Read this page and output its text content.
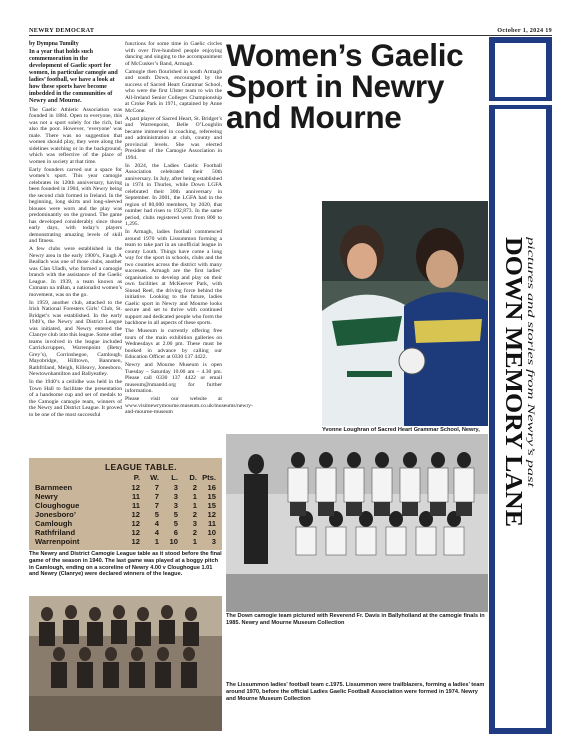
NEWRY DEMOCRAT	October 1, 2024 19

by Dympna Tumilty

In a year that holds such commemoration in the development of Gaelic sport for women, in particular camogie and ladies’ football, we have a look at how these sports have become imbedded in the communities of Newry and Mourne.

The Gaelic Athletic Association was founded in 1884. Open to everyone, this was not a sport solely for the rich, but also the poor. However, ‘everyone’ was male. There was no suggestion that women should play, they were along the sidelines watching or in the background, which was reflective of the place of women in society at that time.

Early founders carved out a space for women’s sport. This year camogie celebrates its 120th anniversary, having been founded in 1904, with Newry being the second club formed in Ireland. In the beginning, long skirts and long-sleeved blouses were worn and the play was predominantly on the ground. The game has developed considerably since those early days, with today’s players demonstrating amazing levels of skill and fitness.

A few clubs were established in the Newry area in the early 1900’s, Faugh A Beallach was one of those clubs, another was Clan Uladh, who formed a camogie branch with the assistance of the Gaelic League. In 1939, a team known as Cumann na mBan, a nationalist women’s movement, was on the go.

In 1959, another club, attached to the Irish National Foresters Girls’ Club, St. Bridget’s was established. In the early 1940’s, the Newry and District League was initiated, and Newry entered the Clanrye club into this league. Some other teams involved in the league included Carrickcruppen, Warrenpoint (Betsy Grey’s), Corrinshegoe, Camlough, Mayobridge, Hilltown, Bannmen, Rathfriland, Meigh, Killeavy, Jonesboro, Newtownhamilton and Ballyeatley.

In the 1940’s a ceilidhe was held in the Town Hall to facilitate the presentation of a handsome cup and set of medals to the Camogie camogie team, winners of the Newry and District League. It proved to be one of the most successful

functions for some time in Gaelic circles with over five-hundred people enjoying dancing and singing to the accompaniment of McCusker’s Band, Armagh.

Camogie then flourished in south Armagh and south Down, encouraged by the success of Sacred Heart Grammar School, who were the first Ulster team to win the All-Ireland Senior Colleges Championship at Croke Park in 1971, captained by Anne McCone.

A past player of Sacred Heart, St. Bridget’s and Warrenpoint, Belle O’Loughlin became immersed in coaching, refereeing and administration at club, county and provincial levels. She was elected President of the Camogie Association in 1994.

In 2024, the Ladies Gaelic Football Association celebrated their 50th anniversary. In July, after being established in 1974 in Thurles, while Down LGFA celebrated their 30th anniversary in September. In 2001, the LGFA had in the region of 80,000 members, by 2020, that number had risen to 192,873. In the same period, clubs registered went from 800 to 1,295.

In Armagh, ladies football commenced around 1970 with Lissummon forming a team to take part in an unofficial league in county Louth. Things have come a long way for the sport in schools, clubs and the two counties across the district with many successes. Armagh are the first ladies’ organisation to develop and play on their own facilities at McKeever Park, with Sinead Reel, the driving force behind the initiative. Looking to the future, ladies Gaelic sport in Newry and Mourne looks secure and set to thrive with continued support and dedicated people who form the backbone in all aspects of these sports.

The Museum is currently offering free tours of the main exhibition galleries on Wednesdays at 2.00 pm. These must be booked in advance by calling our Education Officer at 0330 137 4422.

Newry and Mourne Museum is open Tuesday – Saturday 10.00 am – 4.30 pm. Please call 0330 137 4422 or email museum@nmandd.org for further information.

Please visit our website at www.visitnewrymourne.museum.co.uk/museums/newry-and-mourne-museum

Women’s Gaelic Sport in Newry and Mourne
Yvonne Loughran of Sacred Heart Grammar School, Newry,
LEAGUE TABLE.
P.	W.	L.	D. Pts.
Barnmeen	12	7	3	2	16
Newry	11	7	3	1	15
Cloughogue	11	7	3	1	15
Jonesboro’	12	5	5	2	12
Camlough	12	4	5	3	11
Rathfriland	12	4	6	2	10
Warrenpoint	12	1	10	1	3
The Newry and District Camogie League table as it stood before the final game of the season in 1940. The last game was played at a boggy pitch in Camlough, ending on a scoreline of Newry 4.00 v Cloughogue 1.01 and Newry (Clanrye) were declared winners of the league.
The Down camogie team pictured with Reverend Fr. Davis in Ballyholland at the camogie finals in 1985. Newry and Mourne Museum Collection
The Lissummon ladies’ football team c.1975. Lissummon were trailblazers, forming a ladies’ team around 1970, before the official Ladies Gaelic Football Association were formed in 1974. Newry and Mourne Museum Collection
DOWN MEMORY LANE pictures and stories from Newry’s past
